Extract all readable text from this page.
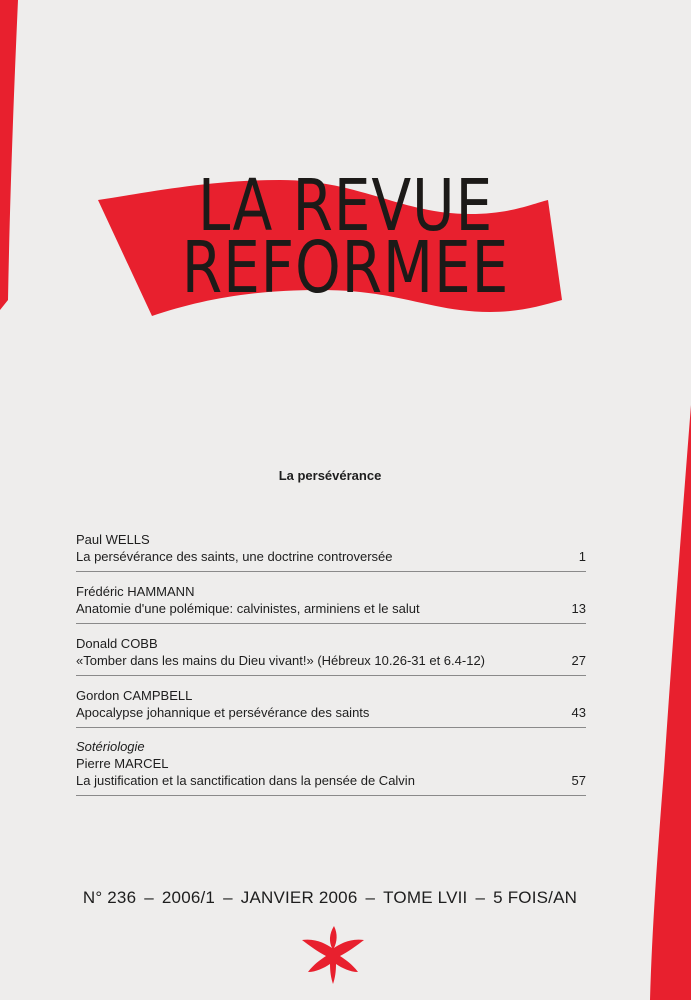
LA REVUE
REFORMEE
La persévérance
Paul WELLS
La persévérance des saints, une doctrine controversée	1
Frédéric HAMMANN
Anatomie d'une polémique: calvinistes, arminiens et le salut	13
Donald COBB
«Tomber dans les mains du Dieu vivant!» (Hébreux 10.26-31 et 6.4-12)	27
Gordon CAMPBELL
Apocalypse johannique et persévérance des saints	43
Sotériologie
Pierre MARCEL
La justification et la sanctification dans la pensée de Calvin	57
N° 236 – 2006/1 – JANVIER 2006 – TOME LVII – 5 FOIS/AN
